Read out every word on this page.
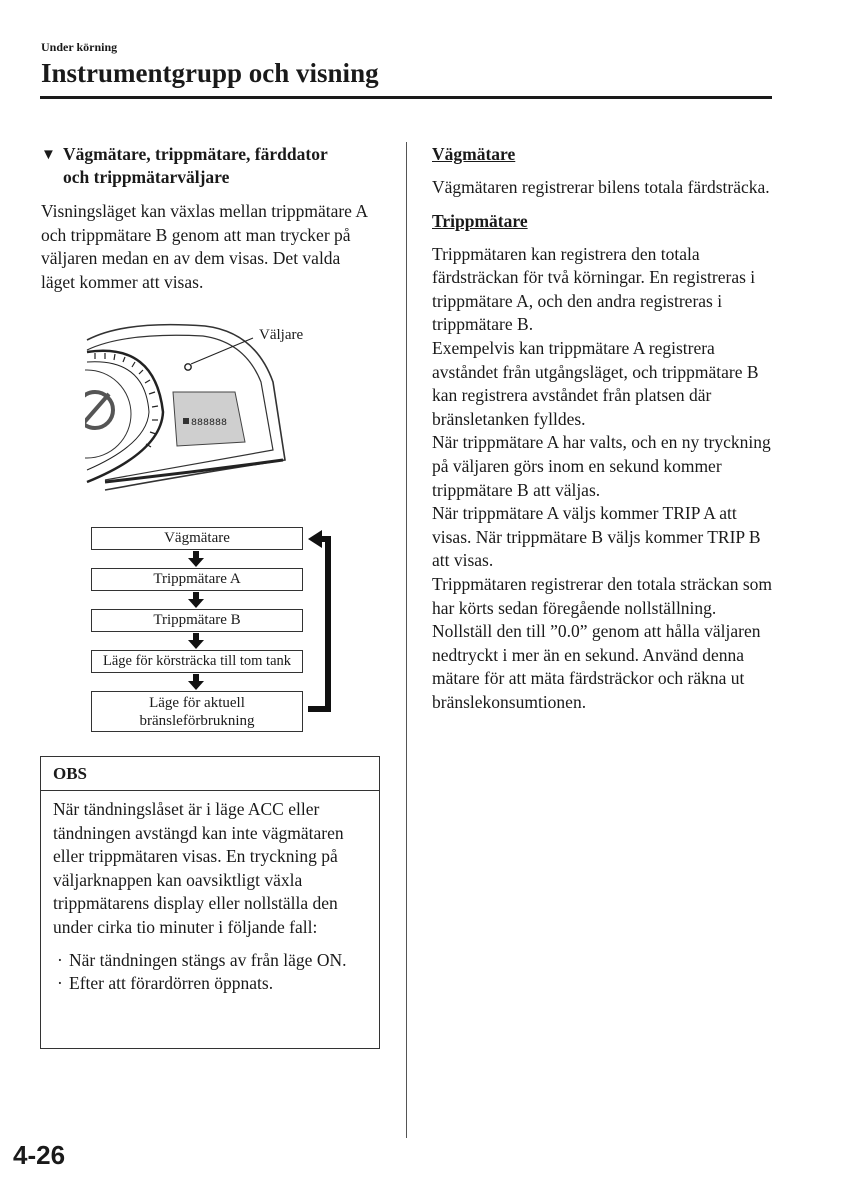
Under körning
Instrumentgrupp och visning
▼ Vägmätare, trippmätare, färddator
och trippmätarväljare

Visningsläget kan växlas mellan trippmätare A och trippmätare B genom att man trycker på väljaren medan en av dem visas. Det valda läget kommer att visas.

888888
Väljare
Vägmätare
Trippmätare A
Trippmätare B
Läge för körsträcka till tom tank
Läge för aktuell bränsleförbrukning
OBS

När tändningslåset är i läge ACC eller tändningen avstängd kan inte vägmätaren eller trippmätaren visas. En tryckning på väljarknappen kan oavsiktligt växla trippmätarens display eller nollställa den under cirka tio minuter i följande fall:

· När tändningen stängs av från läge ON.
· Efter att förardörren öppnats.
Vägmätare

Vägmätaren registrerar bilens totala färdsträcka.

Trippmätare

Trippmätaren kan registrera den totala färdsträckan för två körningar. En registreras i trippmätare A, och den andra registreras i trippmätare B.
Exempelvis kan trippmätare A registrera avståndet från utgångsläget, och trippmätare B kan registrera avståndet från platsen där bränsletanken fylldes.
När trippmätare A har valts, och en ny tryckning på väljaren görs inom en sekund kommer trippmätare B att väljas.
När trippmätare A väljs kommer TRIP A att visas. När trippmätare B väljs kommer TRIP B att visas.
Trippmätaren registrerar den totala sträckan som har körts sedan föregående nollställning. Nollställ den till ”0.0” genom att hålla väljaren nedtryckt i mer än en sekund. Använd denna mätare för att mäta färdsträckor och räkna ut bränslekonsumtionen.

4-26
